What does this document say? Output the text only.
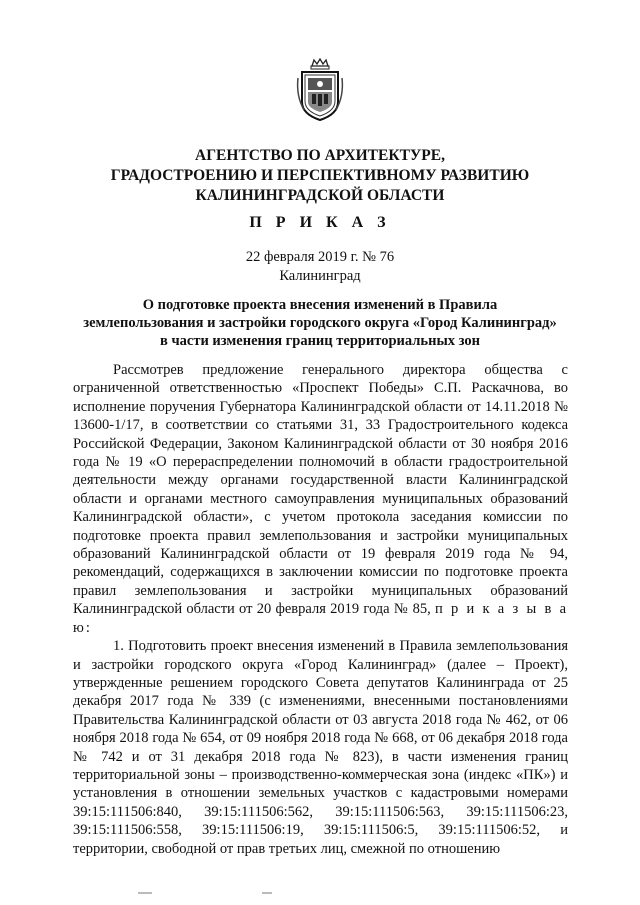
АГЕНТСТВО ПО АРХИТЕКТУРЕ,
ГРАДОСТРОЕНИЮ И ПЕРСПЕКТИВНОМУ РАЗВИТИЮ
КАЛИНИНГРАДСКОЙ ОБЛАСТИ
П Р И К А З
22 февраля 2019 г. № 76
Калининград
О подготовке проекта внесения изменений в Правила
землепользования и застройки городского округа «Город Калининград»
в части изменения границ территориальных зон

Рассмотрев предложение генерального директора общества с ограниченной ответственностью «Проспект Победы» С.П. Раскачнова, во исполнение поручения Губернатора Калининградской области от 14.11.2018 № 13600-1/17, в соответствии со статьями 31, 33 Градостроительного кодекса Российской Федерации, Законом Калининградской области от 30 ноября 2016 года № 19 «О перераспределении полномочий в области градостроительной деятельности между органами государственной власти Калининградской области и органами местного самоуправления муниципальных образований Калининградской области», с учетом протокола заседания комиссии по подготовке проекта правил землепользования и застройки муниципальных образований Калининградской области от 19 февраля 2019 года № 94, рекомендаций, содержащихся в заключении комиссии по подготовке проекта правил землепользования и застройки муниципальных образований Калининградской области от 20 февраля 2019 года № 85, п р и к а з ы в а ю:

1. Подготовить проект внесения изменений в Правила землепользования и застройки городского округа «Город Калининград» (далее – Проект), утвержденные решением городского Совета депутатов Калининграда от 25 декабря 2017 года № 339 (с изменениями, внесенными постановлениями Правительства Калининградской области от 03 августа 2018 года № 462, от 06 ноября 2018 года № 654, от 09 ноября 2018 года № 668, от 06 декабря 2018 года № 742 и от 31 декабря 2018 года № 823), в части изменения границ территориальной зоны – производственно-коммерческая зона (индекс «ПК») и установления в отношении земельных участков с кадастровыми номерами 39:15:111506:840, 39:15:111506:562, 39:15:111506:563, 39:15:111506:23, 39:15:111506:558, 39:15:111506:19, 39:15:111506:5, 39:15:111506:52, и территории, свободной от прав третьих лиц, смежной по отношению
